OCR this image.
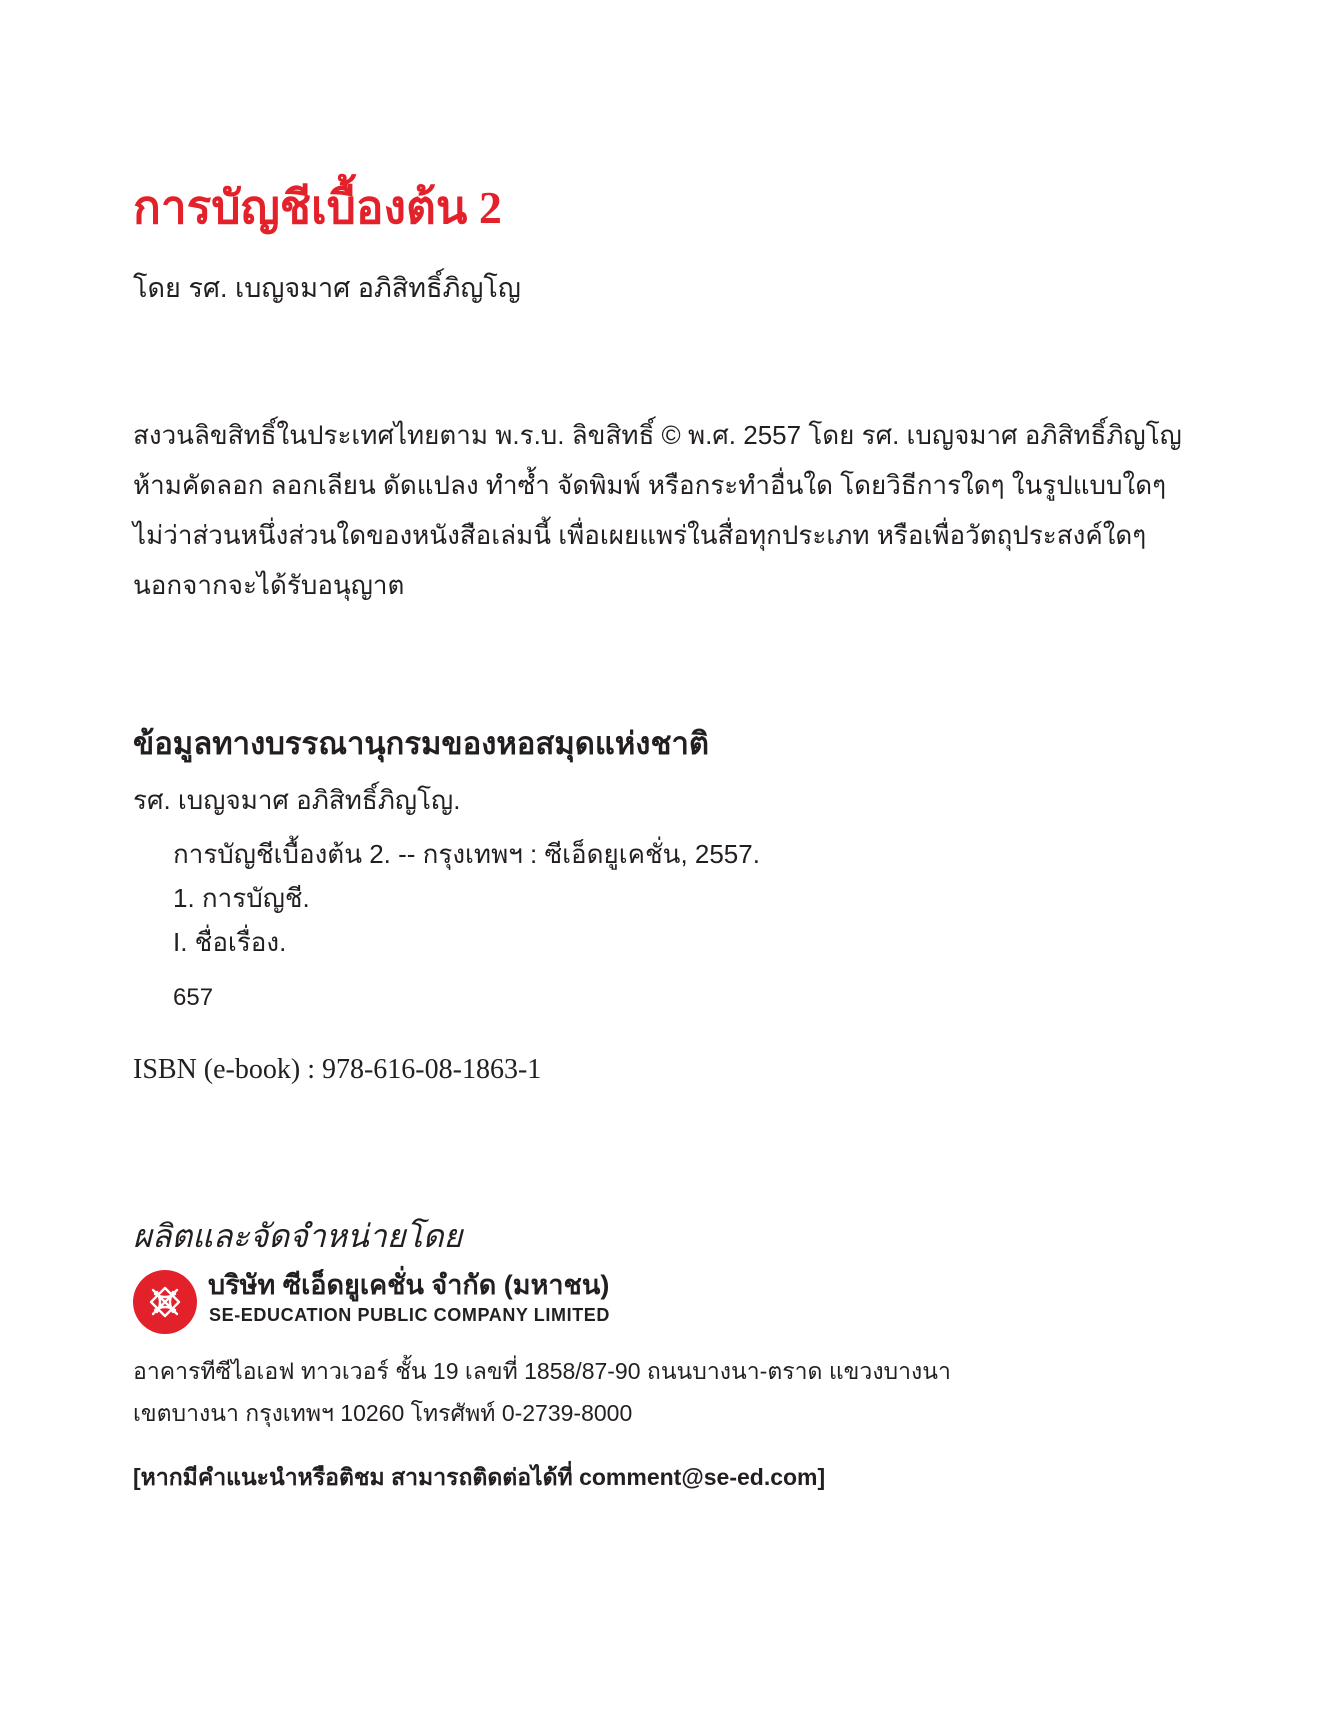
การบัญชีเบื้องต้น 2
โดย รศ. เบญจมาศ อภิสิทธิ์ภิญโญ
สงวนลิขสิทธิ์ในประเทศไทยตาม พ.ร.บ. ลิขสิทธิ์ © พ.ศ. 2557 โดย รศ. เบญจมาศ อภิสิทธิ์ภิญโญ
ห้ามคัดลอก ลอกเลียน ดัดแปลง ทำซ้ำ จัดพิมพ์ หรือกระทำอื่นใด โดยวิธีการใดๆ ในรูปแบบใดๆ
ไม่ว่าส่วนหนึ่งส่วนใดของหนังสือเล่มนี้ เพื่อเผยแพร่ในสื่อทุกประเภท หรือเพื่อวัตถุประสงค์ใดๆ
นอกจากจะได้รับอนุญาต
ข้อมูลทางบรรณานุกรมของหอสมุดแห่งชาติ
รศ. เบญจมาศ อภิสิทธิ์ภิญโญ.
การบัญชีเบื้องต้น 2. -- กรุงเทพฯ : ซีเอ็ดยูเคชั่น, 2557.
1. การบัญชี.
I. ชื่อเรื่อง.
657
ISBN (e-book) : 978-616-08-1863-1
ผลิตและจัดจำหน่ายโดย
บริษัท ซีเอ็ดยูเคชั่น จำกัด (มหาชน)
SE-EDUCATION PUBLIC COMPANY LIMITED
อาคารทีซีไอเอฟ ทาวเวอร์ ชั้น 19 เลขที่ 1858/87-90 ถนนบางนา-ตราด แขวงบางนา
เขตบางนา กรุงเทพฯ 10260 โทรศัพท์ 0-2739-8000
[หากมีคำแนะนำหรือติชม สามารถติดต่อได้ที่ comment@se-ed.com]
